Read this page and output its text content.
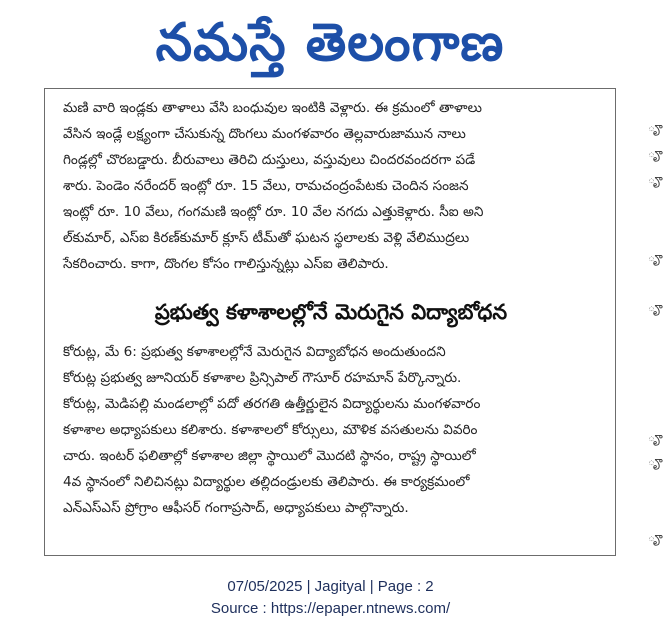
నమస్తే తెలంగాణ
మణి వారి ఇండ్లకు తాళాలు వేసి బంధువుల ఇంటికి వెళ్లారు. ఈ క్రమంలో తాళాలు
వేసిన ఇండ్లే లక్ష్యంగా చేసుకున్న దొంగలు మంగళవారం తెల్లవారుజామున నాలు
గిండ్లల్లో చొరబడ్డారు. బీరువాలు తెరిచి దుస్తులు, వస్తువులు చిందరవందరగా పడే
శారు. పెండెం నరేందర్ ఇంట్లో రూ. 15 వేలు, రామచంద్రంపేటకు చెందిన సంజన
ఇంట్లో రూ. 10 వేలు, గంగమణి ఇంట్లో రూ. 10 వేల నగదు ఎత్తుకెళ్లారు. సీఐ అని
ల్‌కుమార్, ఎస్‌ఐ కిరణ్‌కుమార్ క్లూస్ టీమ్‌తో ఘటన స్థలాలకు వెళ్లి వేలిముద్రలు
సేకరించారు. కాగా, దొంగల కోసం గాలిస్తున్నట్లు ఎస్‌ఐ తెలిపారు.
ప్రభుత్వ కళాశాలల్లోనే మెరుగైన విద్యాబోధన
కోరుట్ల, మే 6: ప్రభుత్వ కళాశాలల్లోనే మెరుగైన విద్యాబోధన అందుతుందని
కోరుట్ల ప్రభుత్వ జూనియర్ కళాశాల ప్రిన్సిపాల్ గౌసూర్ రహమాన్ పేర్కొన్నారు.
కోరుట్ల, మెడిపల్లి మండలాల్లో పదో తరగతి ఉత్తీర్ణులైన విద్యార్థులను మంగళవారం
కళాశాల అధ్యాపకులు కలిశారు. కళాశాలలో కోర్సులు, మౌళిక వసతులను వివరిం
చారు. ఇంటర్ ఫలితాల్లో కళాశాల జిల్లా స్థాయిలో మొదటి స్థానం, రాష్ట్ర స్థాయిలో
4వ స్థానంలో నిలిచినట్లు విద్యార్థుల తల్లిదండ్రులకు తెలిపారు. ఈ కార్యక్రమంలో
ఎన్‌ఎస్‌ఎస్ ప్రోగ్రాం ఆఫీసర్ గంగాప్రసాద్, అధ్యాపకులు పాల్గొన్నారు.
ౄ
ౄ
ౄ
ౄ
ౄ
ౄ
ౄ
ౄ
07/05/2025 | Jagityal | Page : 2
Source : https://epaper.ntnews.com/
